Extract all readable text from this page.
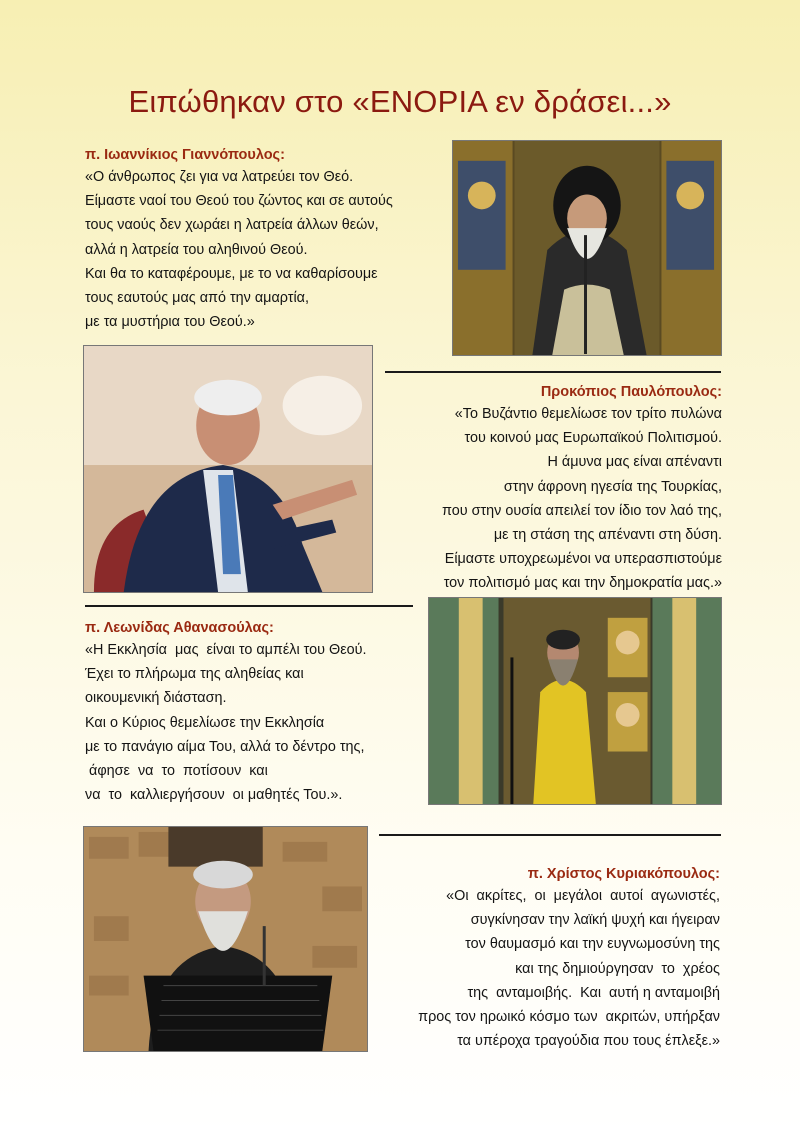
Ειπώθηκαν στο «ΕΝΟΡΙΑ εν δράσει...»
π. Ιωαννίκιος Γιαννόπουλος:
«Ο άνθρωπος ζει για να λατρεύει τον Θεό.
Είμαστε ναοί του Θεού του ζώντος και σε αυτούς
τους ναούς δεν χωράει η λατρεία άλλων θεών,
αλλά η λατρεία του αληθινού Θεού.
Και θα το καταφέρουμε, με το να καθαρίσουμε
τους εαυτούς μας από την αμαρτία,
με τα μυστήρια του Θεού.»
Προκόπιος Παυλόπουλος:
«Το Βυζάντιο θεμελίωσε τον τρίτο πυλώνα
του κοινού μας Ευρωπαϊκού Πολιτισμού.
Η άμυνα μας είναι απέναντι
στην άφρονη ηγεσία της Τουρκίας,
που στην ουσία απειλεί τον ίδιο τον λαό της,
με τη στάση της απέναντι στη δύση.
Είμαστε υποχρεωμένοι να υπερασπιστούμε
τον πολιτισμό μας και την δημοκρατία μας.»
π. Λεωνίδας Αθανασούλας:
«Η Εκκλησία  μας  είναι το αμπέλι του Θεού.
Έχει το πλήρωμα της αληθείας και
οικουμενική διάσταση.
Και ο Κύριος θεμελίωσε την Εκκλησία
με το πανάγιο αίμα Του, αλλά το δέντρο της,
άφησε  να  το  ποτίσουν  και
να  το  καλλιεργήσουν  οι μαθητές Του.».
π. Χρίστος Κυριακόπουλος:
«Οι  ακρίτες,  οι  μεγάλοι  αυτοί  αγωνιστές,
συγκίνησαν την λαϊκή ψυχή και ήγειραν
τον θαυμασμό και την ευγνωμοσύνη της
και της δημιούργησαν  το  χρέος
της  ανταμοιβής.  Και  αυτή η ανταμοιβή
προς τον ηρωικό κόσμο των  ακριτών, υπήρξαν
τα υπέροχα τραγούδια που τους έπλεξε.»
